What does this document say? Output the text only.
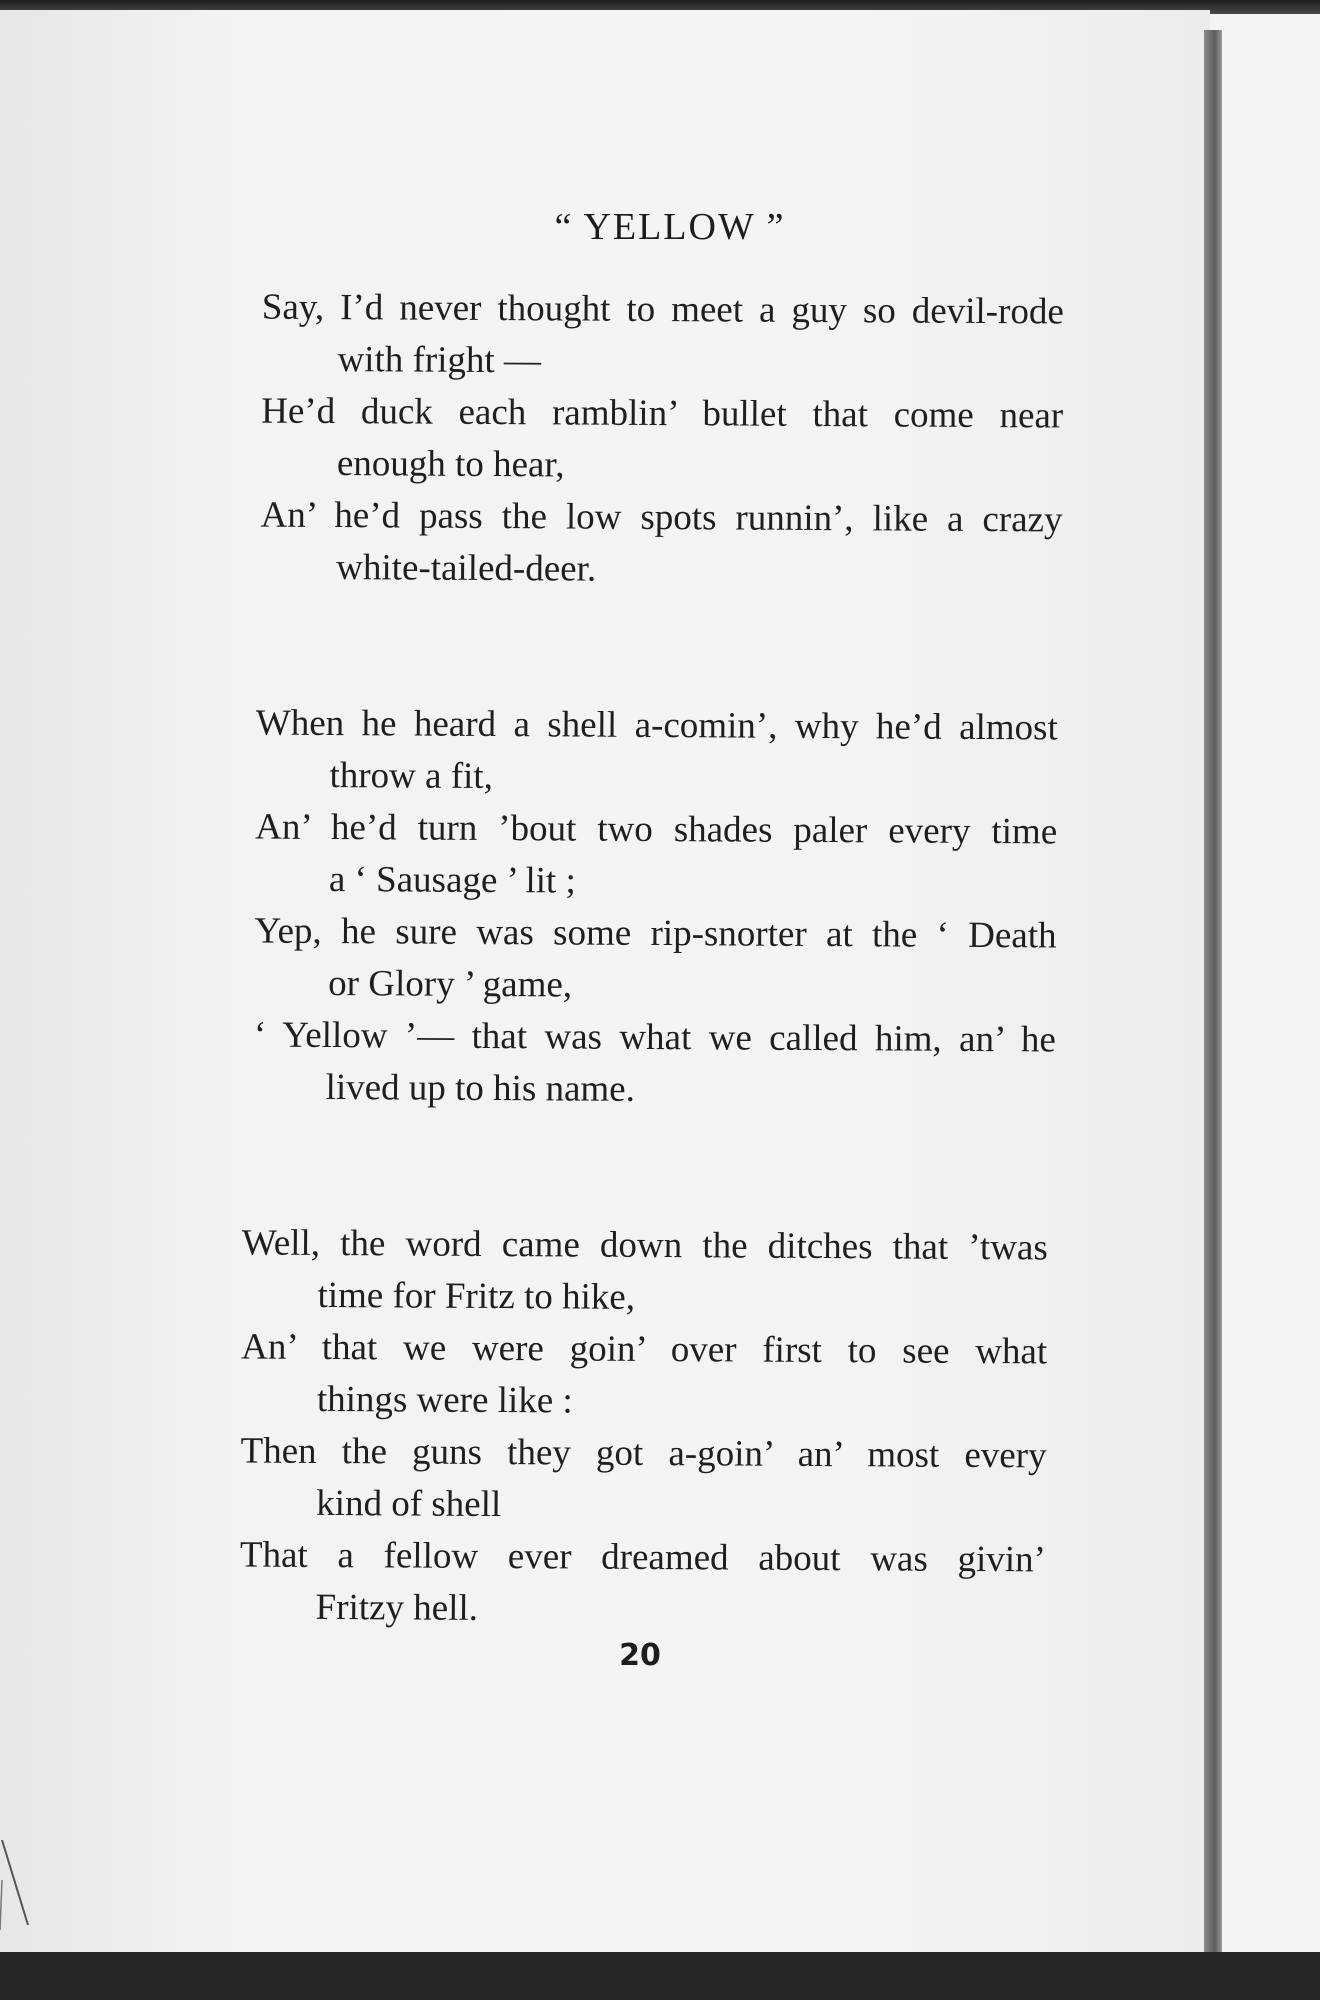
“ YELLOW ”
Say, I’d never thought to meet a guy so devil-rode
with fright —
He’d duck each ramblin’ bullet that come near
enough to hear,
An’ he’d pass the low spots runnin’, like a crazy
white-tailed-deer.
When he heard a shell a-comin’, why he’d almost
throw a fit,
An’ he’d turn ’bout two shades paler every time
a ‘ Sausage ’ lit ;
Yep, he sure was some rip-snorter at the ‘ Death
or Glory ’ game,
‘ Yellow ’— that was what we called him, an’ he
lived up to his name.
Well, the word came down the ditches that ’twas
time for Fritz to hike,
An’ that we were goin’ over first to see what
things were like :
Then the guns they got a-goin’ an’ most every
kind of shell
That a fellow ever dreamed about was givin’
Fritzy hell.
20
